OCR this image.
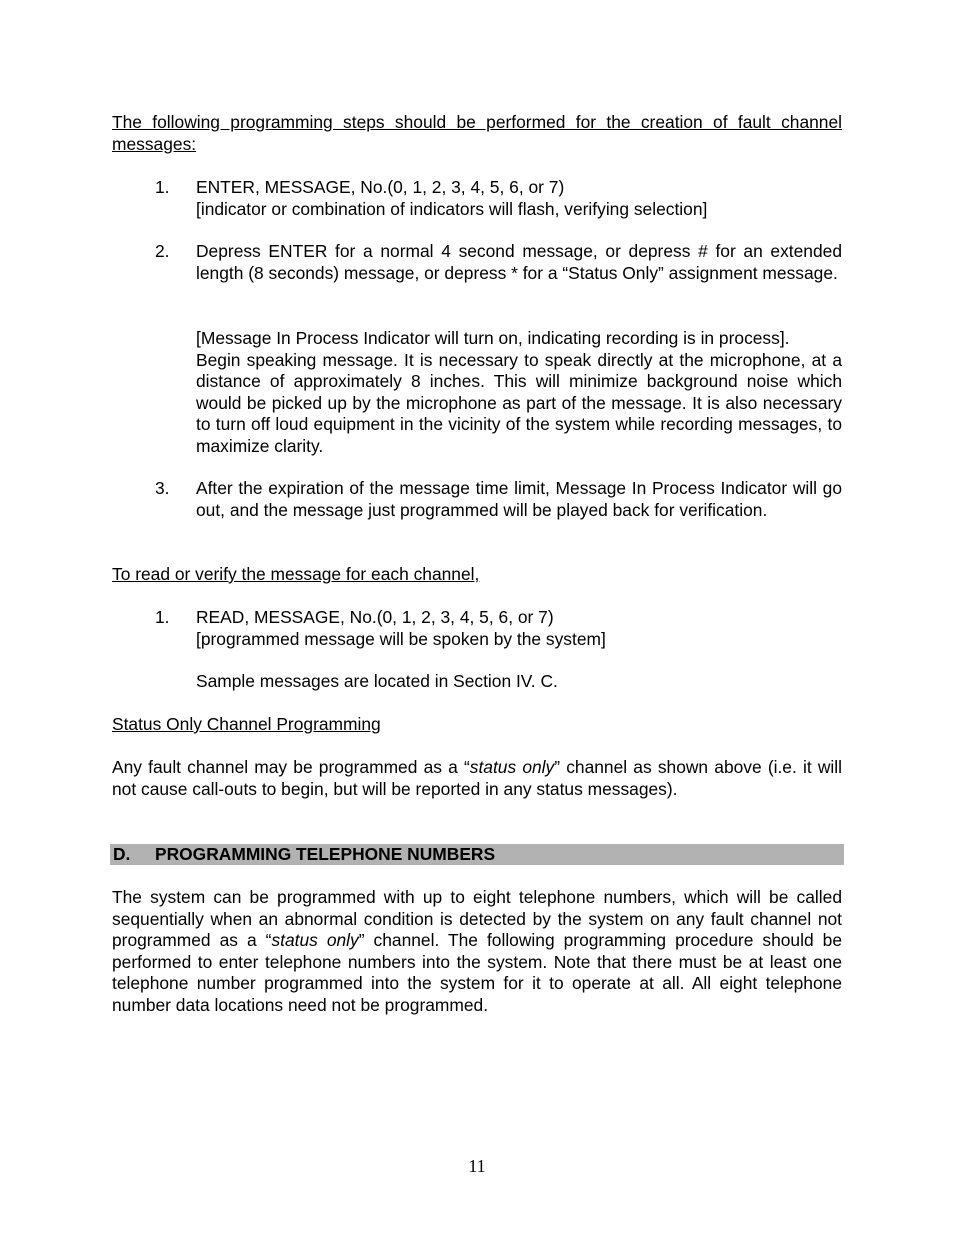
The following programming steps should be performed for the creation of fault channel messages:

1.	ENTER, MESSAGE, No.(0, 1, 2, 3, 4, 5, 6, or 7)
[indicator or combination of indicators will flash, verifying selection]
2.	Depress ENTER for a normal 4 second message, or depress # for an extended length (8 seconds) message, or depress * for a “Status Only” assignment message.

[Message In Process Indicator will turn on, indicating recording is in process].
Begin speaking message. It is necessary to speak directly at the microphone, at a distance of approximately 8 inches. This will minimize background noise which would be picked up by the microphone as part of the message. It is also necessary to turn off loud equipment in the vicinity of the system while recording messages, to maximize clarity.
3.	After the expiration of the message time limit, Message In Process Indicator will go out, and the message just programmed will be played back for verification.

To read or verify the message for each channel,

1.	READ, MESSAGE, No.(0, 1, 2, 3, 4, 5, 6, or 7)
[programmed message will be spoken by the system]

Sample messages are located in Section IV. C.

Status Only Channel Programming

Any fault channel may be programmed as a “status only” channel as shown above (i.e. it will not cause call-outs to begin, but will be reported in any status messages).

D. PROGRAMMING TELEPHONE NUMBERS

The system can be programmed with up to eight telephone numbers, which will be called sequentially when an abnormal condition is detected by the system on any fault channel not programmed as a “status only” channel. The following programming procedure should be performed to enter telephone numbers into the system. Note that there must be at least one telephone number programmed into the system for it to operate at all. All eight telephone number data locations need not be programmed.

11
